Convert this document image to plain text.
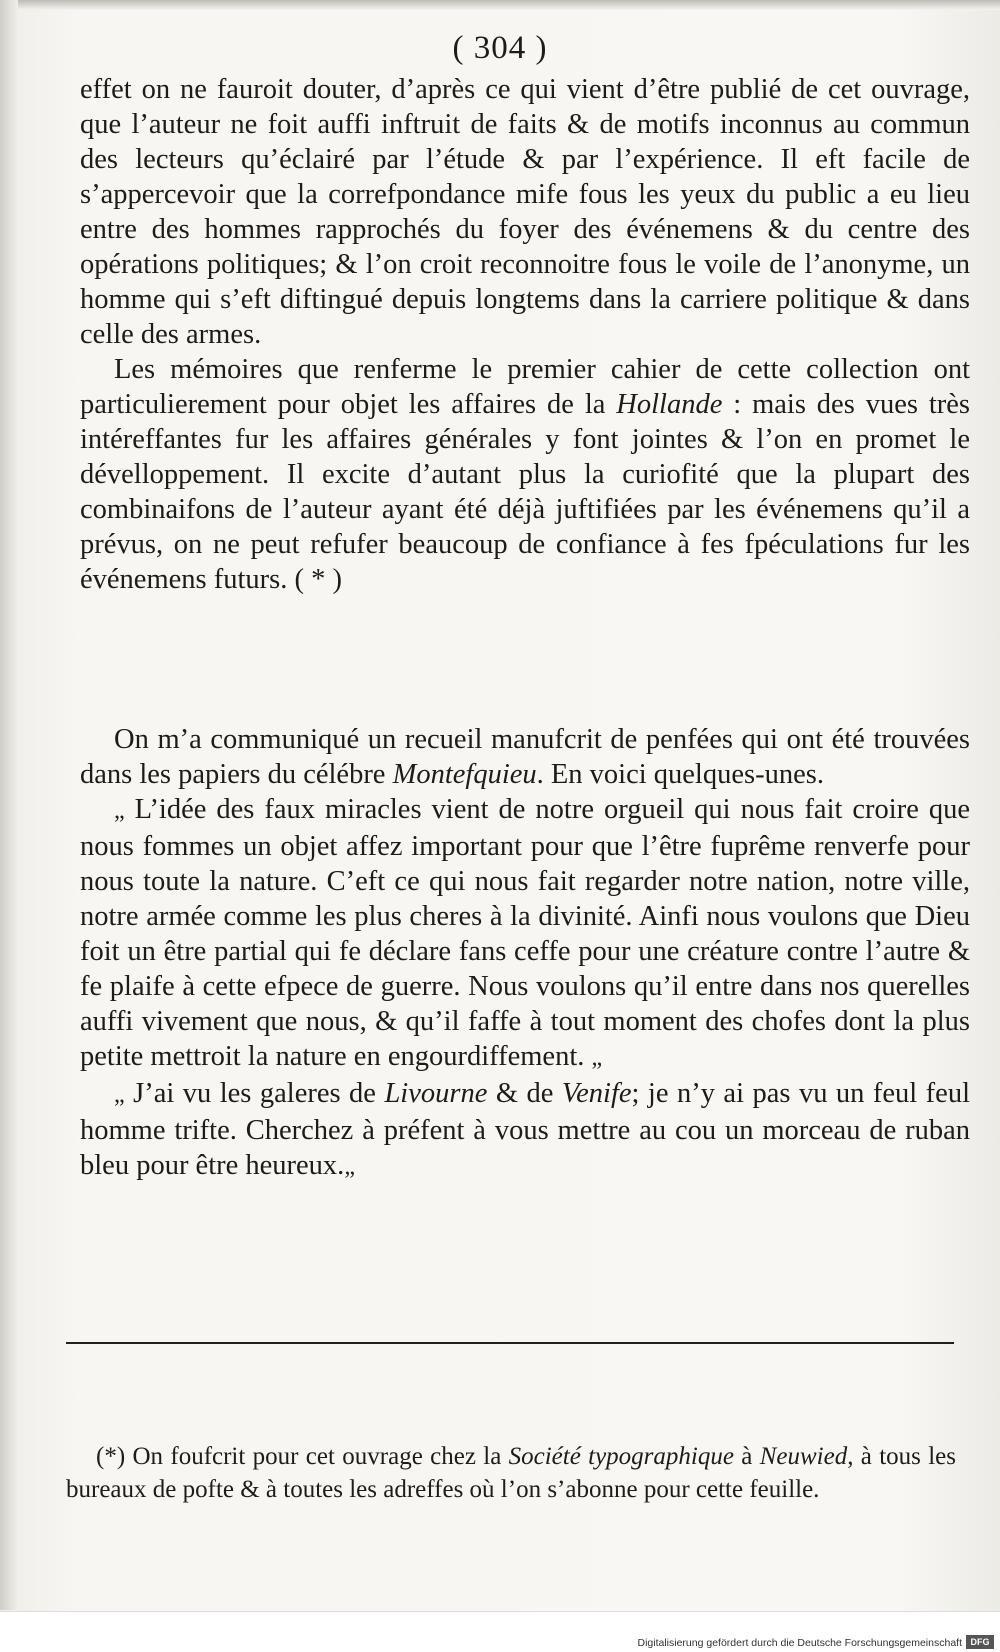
( 304 )

effet on ne fauroit douter, d’après ce qui vient d’être publié de cet ouvrage, que l’auteur ne foit auffi inftruit de faits & de motifs inconnus au commun des lecteurs qu’éclairé par l’étude & par l’expérience. Il eft facile de s’appercevoir que la correfpondance mife fous les yeux du public a eu lieu entre des hommes rapprochés du foyer des événemens & du centre des opérations politiques; & l’on croit reconnoitre fous le voile de l’anonyme, un homme qui s’eft diftingué depuis longtems dans la carriere politique & dans celle des armes.

Les mémoires que renferme le premier cahier de cette collection ont particulierement pour objet les affaires de la Hollande : mais des vues très intéreffantes fur les affaires générales y font jointes & l’on en promet le dévelloppement. Il excite d’autant plus la curiofité que la plupart des combinaifons de l’auteur ayant été déjà juftifiées par les événemens qu’il a prévus, on ne peut refufer beaucoup de confiance à fes fpéculations fur les événemens futurs. ( * )

On m’a communiqué un recueil manufcrit de penfées qui ont été trouvées dans les papiers du célébre Montefquieu. En voici quelques-unes.

„ L’idée des faux miracles vient de notre orgueil qui nous fait croire que nous fommes un objet affez important pour que l’être fuprême renverfe pour nous toute la nature. C’eft ce qui nous fait regarder notre nation, notre ville, notre armée comme les plus cheres à la divinité. Ainfi nous voulons que Dieu foit un être partial qui fe déclare fans ceffe pour une créature contre l’autre & fe plaife à cette efpece de guerre. Nous voulons qu’il entre dans nos querelles auffi vivement que nous, & qu’il faffe à tout moment des chofes dont la plus petite mettroit la nature en engourdiffement. „

„ J’ai vu les galeres de Livourne & de Venife; je n’y ai pas vu un feul feul homme trifte. Cherchez à préfent à vous mettre au cou un morceau de ruban bleu pour être heureux.„

(*) On foufcrit pour cet ouvrage chez la Société typographique à Neuwied, à tous les bureaux de pofte & à toutes les adreffes où l’on s’abonne pour cette feuille.

Digitalisierung gefördert durch die Deutsche Forschungsgemeinschaft DFG
